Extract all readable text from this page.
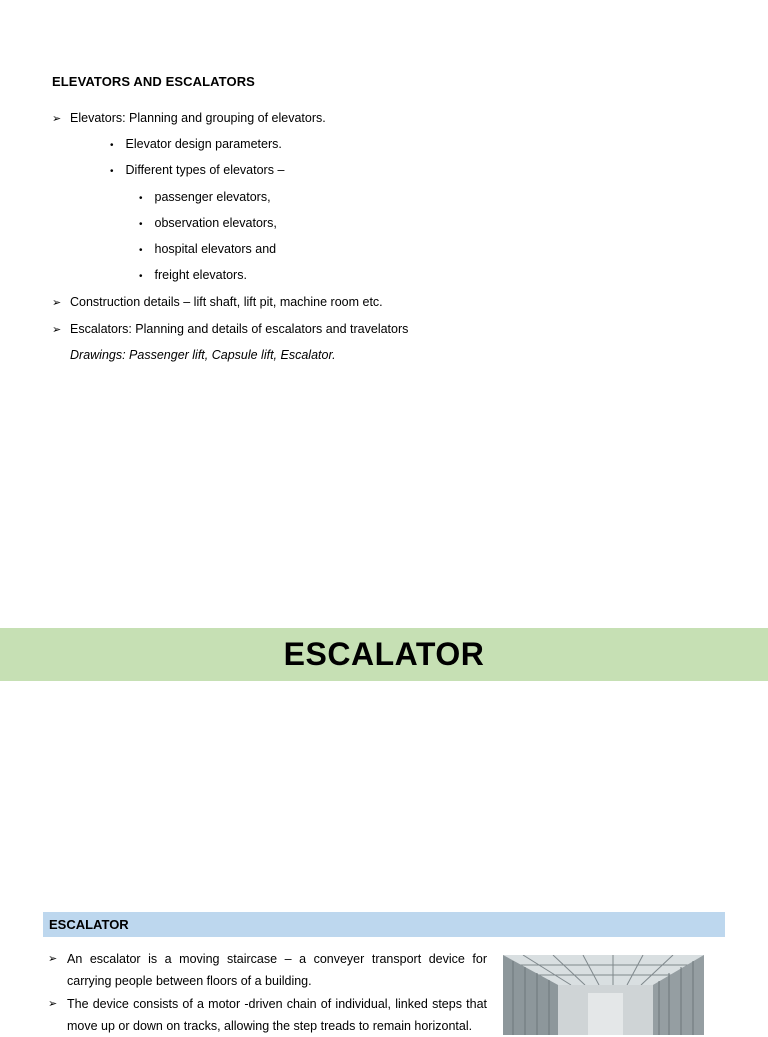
ELEVATORS AND ESCALATORS
➢ Elevators: Planning and grouping of elevators.
• Elevator design parameters.
• Different types of elevators –
• passenger elevators,
• observation elevators,
• hospital elevators and
• freight elevators.
➢ Construction details – lift shaft, lift pit, machine room etc.
➢ Escalators: Planning and details of escalators and travelators
Drawings: Passenger lift, Capsule lift, Escalator.
ESCALATOR
ESCALATOR
➢ An escalator is a moving staircase – a conveyer transport device for carrying people between floors of a building.
➢ The device consists of a motor -driven chain of individual, linked steps that move up or down on tracks, allowing the step treads to remain horizontal.
